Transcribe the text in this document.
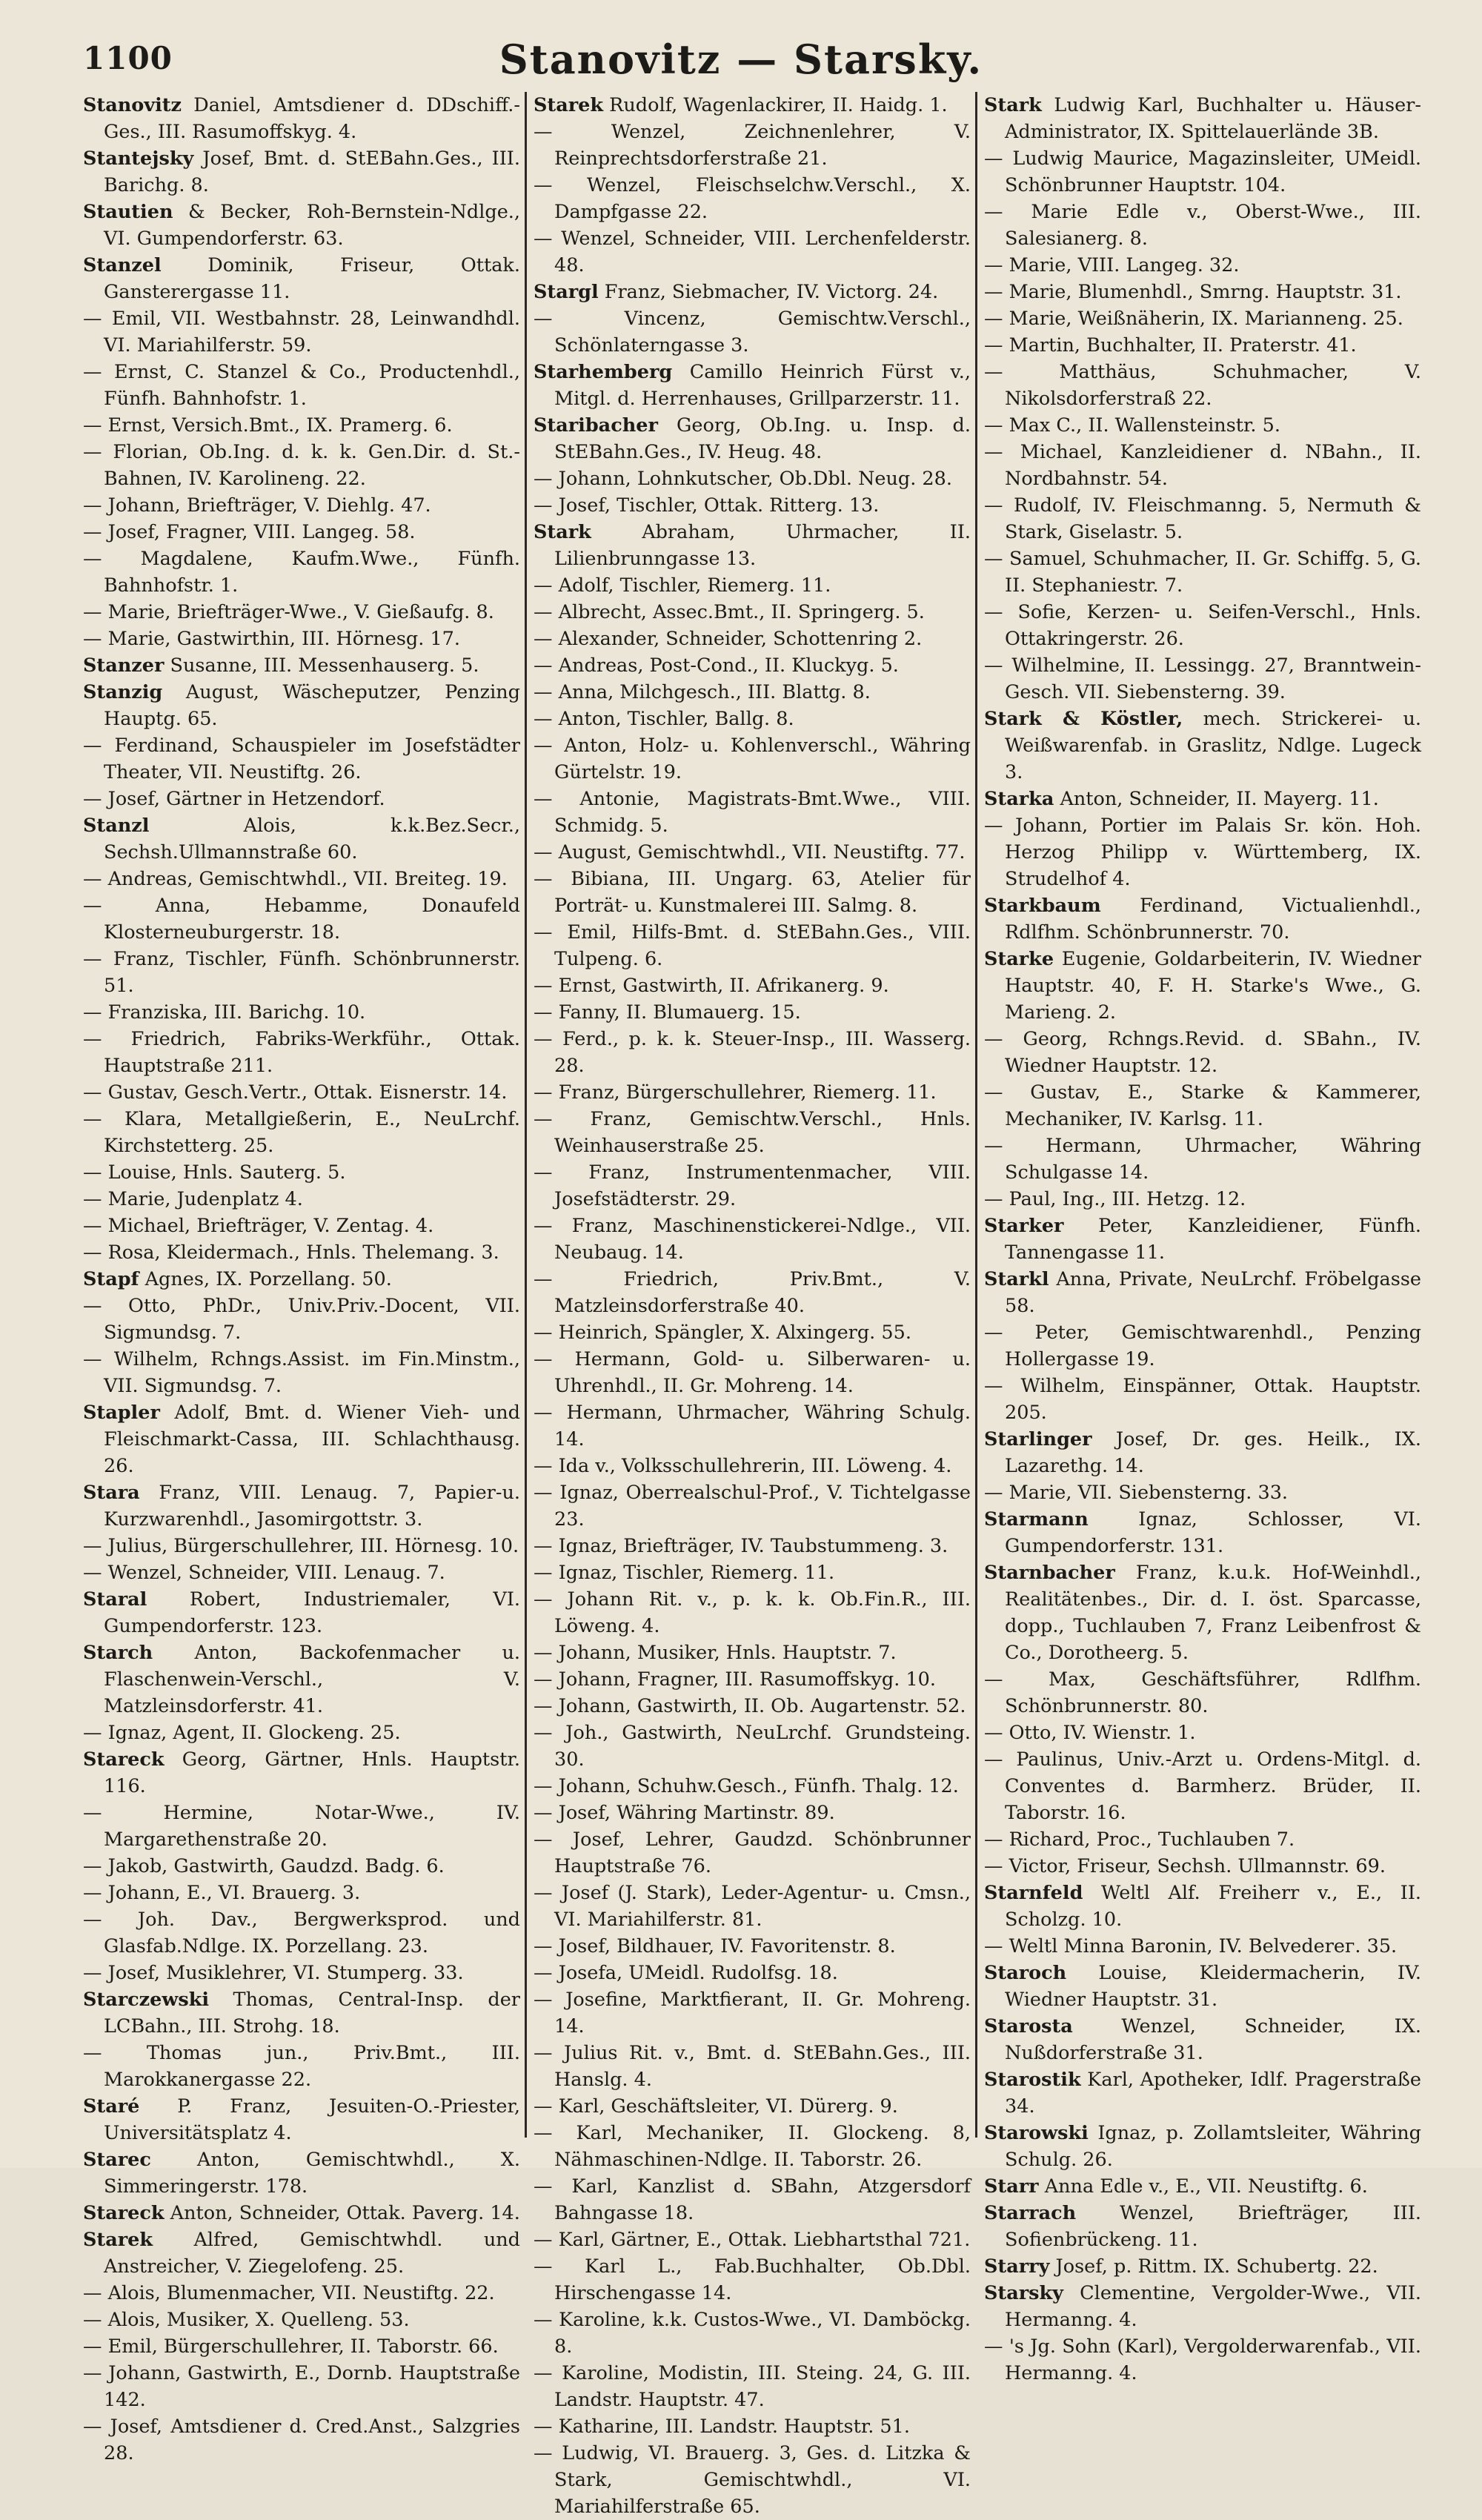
1100	Stanovitz — Starsky.

Stanovitz Daniel, Amtsdiener d. DDschiff.-Ges., III. Rasumoffskyg. 4.

Stantejsky Josef, Bmt. d. StEBahn.Ges., III. Barichg. 8.

Stautien & Becker, Roh-Bernstein-Ndlge., VI. Gumpendorferstr. 63.

Stanzel Dominik, Friseur, Ottak. Gansterergasse 11.

— Emil, VII. Westbahnstr. 28, Leinwandhdl. VI. Mariahilferstr. 59.

— Ernst, C. Stanzel & Co., Productenhdl., Fünfh. Bahnhofstr. 1.

— Ernst, Versich.Bmt., IX. Pramerg. 6.

— Florian, Ob.Ing. d. k. k. Gen.Dir. d. St.-Bahnen, IV. Karolineng. 22.

— Johann, Briefträger, V. Diehlg. 47.

— Josef, Fragner, VIII. Langeg. 58.

— Magdalene, Kaufm.Wwe., Fünfh. Bahnhofstr. 1.

— Marie, Briefträger-Wwe., V. Gießaufg. 8.

— Marie, Gastwirthin, III. Hörnesg. 17.

Stanzer Susanne, III. Messenhauserg. 5.

Stanzig August, Wäscheputzer, Penzing Hauptg. 65.

— Ferdinand, Schauspieler im Josefstädter Theater, VII. Neustiftg. 26.

— Josef, Gärtner in Hetzendorf.

Stanzl Alois, k.k.Bez.Secr., Sechsh.Ullmannstraße 60.

— Andreas, Gemischtwhdl., VII. Breiteg. 19.

— Anna, Hebamme, Donaufeld Klosterneuburgerstr. 18.

— Franz, Tischler, Fünfh. Schönbrunnerstr. 51.

— Franziska, III. Barichg. 10.

— Friedrich, Fabriks-Werkführ., Ottak. Hauptstraße 211.

— Gustav, Gesch.Vertr., Ottak. Eisnerstr. 14.

— Klara, Metallgießerin, E., NeuLrchf. Kirchstetterg. 25.

— Louise, Hnls. Sauterg. 5.

— Marie, Judenplatz 4.

— Michael, Briefträger, V. Zentag. 4.

— Rosa, Kleidermach., Hnls. Thelemang. 3.

Stapf Agnes, IX. Porzellang. 50.

— Otto, PhDr., Univ.Priv.-Docent, VII. Sigmundsg. 7.

— Wilhelm, Rchngs.Assist. im Fin.Minstm., VII. Sigmundsg. 7.

Stapler Adolf, Bmt. d. Wiener Vieh- und Fleischmarkt-Cassa, III. Schlachthausg. 26.

Stara Franz, VIII. Lenaug. 7, Papier-u. Kurzwarenhdl., Jasomirgottstr. 3.

— Julius, Bürgerschullehrer, III. Hörnesg. 10.

— Wenzel, Schneider, VIII. Lenaug. 7.

Staral Robert, Industriemaler, VI. Gumpendorferstr. 123.

Starch Anton, Backofenmacher u. Flaschenwein-Verschl., V. Matzleinsdorferstr. 41.

— Ignaz, Agent, II. Glockeng. 25.

Stareck Georg, Gärtner, Hnls. Hauptstr. 116.

— Hermine, Notar-Wwe., IV. Margarethenstraße 20.

— Jakob, Gastwirth, Gaudzd. Badg. 6.

— Johann, E., VI. Brauerg. 3.

— Joh. Dav., Bergwerksprod. und Glasfab.Ndlge. IX. Porzellang. 23.

— Josef, Musiklehrer, VI. Stumperg. 33.

Starczewski Thomas, Central-Insp. der LCBahn., III. Strohg. 18.

— Thomas jun., Priv.Bmt., III. Marokkanergasse 22.

Staré P. Franz, Jesuiten-O.-Priester, Universitätsplatz 4.

Starec Anton, Gemischtwhdl., X. Simmeringerstr. 178.

Stareck Anton, Schneider, Ottak. Paverg. 14.

Starek Alfred, Gemischtwhdl. und Anstreicher, V. Ziegelofeng. 25.

— Alois, Blumenmacher, VII. Neustiftg. 22.

— Alois, Musiker, X. Quelleng. 53.

— Emil, Bürgerschullehrer, II. Taborstr. 66.

— Johann, Gastwirth, E., Dornb. Hauptstraße 142.

— Josef, Amtsdiener d. Cred.Anst., Salzgries 28.

Starek Rudolf, Wagenlackirer, II. Haidg. 1.

— Wenzel, Zeichnenlehrer, V. Reinprechtsdorferstraße 21.

— Wenzel, Fleischselchw.Verschl., X. Dampfgasse 22.

— Wenzel, Schneider, VIII. Lerchenfelderstr. 48.

Stargl Franz, Siebmacher, IV. Victorg. 24.

— Vincenz, Gemischtw.Verschl., Schönlaterngasse 3.

Starhemberg Camillo Heinrich Fürst v., Mitgl. d. Herrenhauses, Grillparzerstr. 11.

Staribacher Georg, Ob.Ing. u. Insp. d. StEBahn.Ges., IV. Heug. 48.

— Johann, Lohnkutscher, Ob.Dbl. Neug. 28.

— Josef, Tischler, Ottak. Ritterg. 13.

Stark Abraham, Uhrmacher, II. Lilienbrunngasse 13.

— Adolf, Tischler, Riemerg. 11.

— Albrecht, Assec.Bmt., II. Springerg. 5.

— Alexander, Schneider, Schottenring 2.

— Andreas, Post-Cond., II. Kluckyg. 5.

— Anna, Milchgesch., III. Blattg. 8.

— Anton, Tischler, Ballg. 8.

— Anton, Holz- u. Kohlenverschl., Währing Gürtelstr. 19.

— Antonie, Magistrats-Bmt.Wwe., VIII. Schmidg. 5.

— August, Gemischtwhdl., VII. Neustiftg. 77.

— Bibiana, III. Ungarg. 63, Atelier für Porträt- u. Kunstmalerei III. Salmg. 8.

— Emil, Hilfs-Bmt. d. StEBahn.Ges., VIII. Tulpeng. 6.

— Ernst, Gastwirth, II. Afrikanerg. 9.

— Fanny, II. Blumauerg. 15.

— Ferd., p. k. k. Steuer-Insp., III. Wasserg. 28.

— Franz, Bürgerschullehrer, Riemerg. 11.

— Franz, Gemischtw.Verschl., Hnls. Weinhauserstraße 25.

— Franz, Instrumentenmacher, VIII. Josefstädterstr. 29.

— Franz, Maschinenstickerei-Ndlge., VII. Neubaug. 14.

— Friedrich, Priv.Bmt., V. Matzleinsdorferstraße 40.

— Heinrich, Spängler, X. Alxingerg. 55.

— Hermann, Gold- u. Silberwaren- u. Uhrenhdl., II. Gr. Mohreng. 14.

— Hermann, Uhrmacher, Währing Schulg. 14.

— Ida v., Volksschullehrerin, III. Löweng. 4.

— Ignaz, Oberrealschul-Prof., V. Tichtelgasse 23.

— Ignaz, Briefträger, IV. Taubstummeng. 3.

— Ignaz, Tischler, Riemerg. 11.

— Johann Rit. v., p. k. k. Ob.Fin.R., III. Löweng. 4.

— Johann, Musiker, Hnls. Hauptstr. 7.

— Johann, Fragner, III. Rasumoffskyg. 10.

— Johann, Gastwirth, II. Ob. Augartenstr. 52.

— Joh., Gastwirth, NeuLrchf. Grundsteing. 30.

— Johann, Schuhw.Gesch., Fünfh. Thalg. 12.

— Josef, Währing Martinstr. 89.

— Josef, Lehrer, Gaudzd. Schönbrunner Hauptstraße 76.

— Josef (J. Stark), Leder-Agentur- u. Cmsn., VI. Mariahilferstr. 81.

— Josef, Bildhauer, IV. Favoritenstr. 8.

— Josefa, UMeidl. Rudolfsg. 18.

— Josefine, Marktfierant, II. Gr. Mohreng. 14.

— Julius Rit. v., Bmt. d. StEBahn.Ges., III. Hanslg. 4.

— Karl, Geschäftsleiter, VI. Dürerg. 9.

— Karl, Mechaniker, II. Glockeng. 8, Nähmaschinen-Ndlge. II. Taborstr. 26.

— Karl, Kanzlist d. SBahn, Atzgersdorf Bahngasse 18.

— Karl, Gärtner, E., Ottak. Liebhartsthal 721.

— Karl L., Fab.Buchhalter, Ob.Dbl. Hirschengasse 14.

— Karoline, k.k. Custos-Wwe., VI. Damböckg. 8.

— Karoline, Modistin, III. Steing. 24, G. III. Landstr. Hauptstr. 47.

— Katharine, III. Landstr. Hauptstr. 51.

— Ludwig, VI. Brauerg. 3, Ges. d. Litzka & Stark, Gemischtwhdl., VI. Mariahilferstraße 65.

Stark Ludwig Karl, Buchhalter u. Häuser-Administrator, IX. Spittelauerlände 3B.

— Ludwig Maurice, Magazinsleiter, UMeidl. Schönbrunner Hauptstr. 104.

— Marie Edle v., Oberst-Wwe., III. Salesianerg. 8.

— Marie, VIII. Langeg. 32.

— Marie, Blumenhdl., Smrng. Hauptstr. 31.

— Marie, Weißnäherin, IX. Marianneng. 25.

— Martin, Buchhalter, II. Praterstr. 41.

— Matthäus, Schuhmacher, V. Nikolsdorferstraß 22.

— Max C., II. Wallensteinstr. 5.

— Michael, Kanzleidiener d. NBahn., II. Nordbahnstr. 54.

— Rudolf, IV. Fleischmanng. 5, Nermuth & Stark, Giselastr. 5.

— Samuel, Schuhmacher, II. Gr. Schiffg. 5, G. II. Stephaniestr. 7.

— Sofie, Kerzen- u. Seifen-Verschl., Hnls. Ottakringerstr. 26.

— Wilhelmine, II. Lessingg. 27, Branntwein-Gesch. VII. Siebensterng. 39.

Stark & Köstler, mech. Strickerei- u. Weißwarenfab. in Graslitz, Ndlge. Lugeck 3.

Starka Anton, Schneider, II. Mayerg. 11.

— Johann, Portier im Palais Sr. kön. Hoh. Herzog Philipp v. Württemberg, IX. Strudelhof 4.

Starkbaum Ferdinand, Victualienhdl., Rdlfhm. Schönbrunnerstr. 70.

Starke Eugenie, Goldarbeiterin, IV. Wiedner Hauptstr. 40, F. H. Starke's Wwe., G. Marieng. 2.

— Georg, Rchngs.Revid. d. SBahn., IV. Wiedner Hauptstr. 12.

— Gustav, E., Starke & Kammerer, Mechaniker, IV. Karlsg. 11.

— Hermann, Uhrmacher, Währing Schulgasse 14.

— Paul, Ing., III. Hetzg. 12.

Starker Peter, Kanzleidiener, Fünfh. Tannengasse 11.

Starkl Anna, Private, NeuLrchf. Fröbelgasse 58.

— Peter, Gemischtwarenhdl., Penzing Hollergasse 19.

— Wilhelm, Einspänner, Ottak. Hauptstr. 205.

Starlinger Josef, Dr. ges. Heilk., IX. Lazarethg. 14.

— Marie, VII. Siebensterng. 33.

Starmann Ignaz, Schlosser, VI. Gumpendorferstr. 131.

Starnbacher Franz, k.u.k. Hof-Weinhdl., Realitätenbes., Dir. d. I. öst. Sparcasse, dopp., Tuchlauben 7, Franz Leibenfrost & Co., Dorotheerg. 5.

— Max, Geschäftsführer, Rdlfhm. Schönbrunnerstr. 80.

— Otto, IV. Wienstr. 1.

— Paulinus, Univ.-Arzt u. Ordens-Mitgl. d. Conventes d. Barmherz. Brüder, II. Taborstr. 16.

— Richard, Proc., Tuchlauben 7.

— Victor, Friseur, Sechsh. Ullmannstr. 69.

Starnfeld Weltl Alf. Freiherr v., E., II. Scholzg. 10.

— Weltl Minna Baronin, IV. Belvederег. 35.

Staroch Louise, Kleidermacherin, IV. Wiedner Hauptstr. 31.

Starosta Wenzel, Schneider, IX. Nußdorferstraße 31.

Starostik Karl, Apotheker, Idlf. Pragerstraße 34.

Starowski Ignaz, p. Zollamtsleiter, Währing Schulg. 26.

Starr Anna Edle v., E., VII. Neustiftg. 6.

Starrach Wenzel, Briefträger, III. Sofienbrückeng. 11.

Starry Josef, p. Rittm. IX. Schubertg. 22.

Starsky Clementine, Vergolder-Wwe., VII. Hermanng. 4.

— 's Jg. Sohn (Karl), Vergolderwarenfab., VII. Hermanng. 4.
